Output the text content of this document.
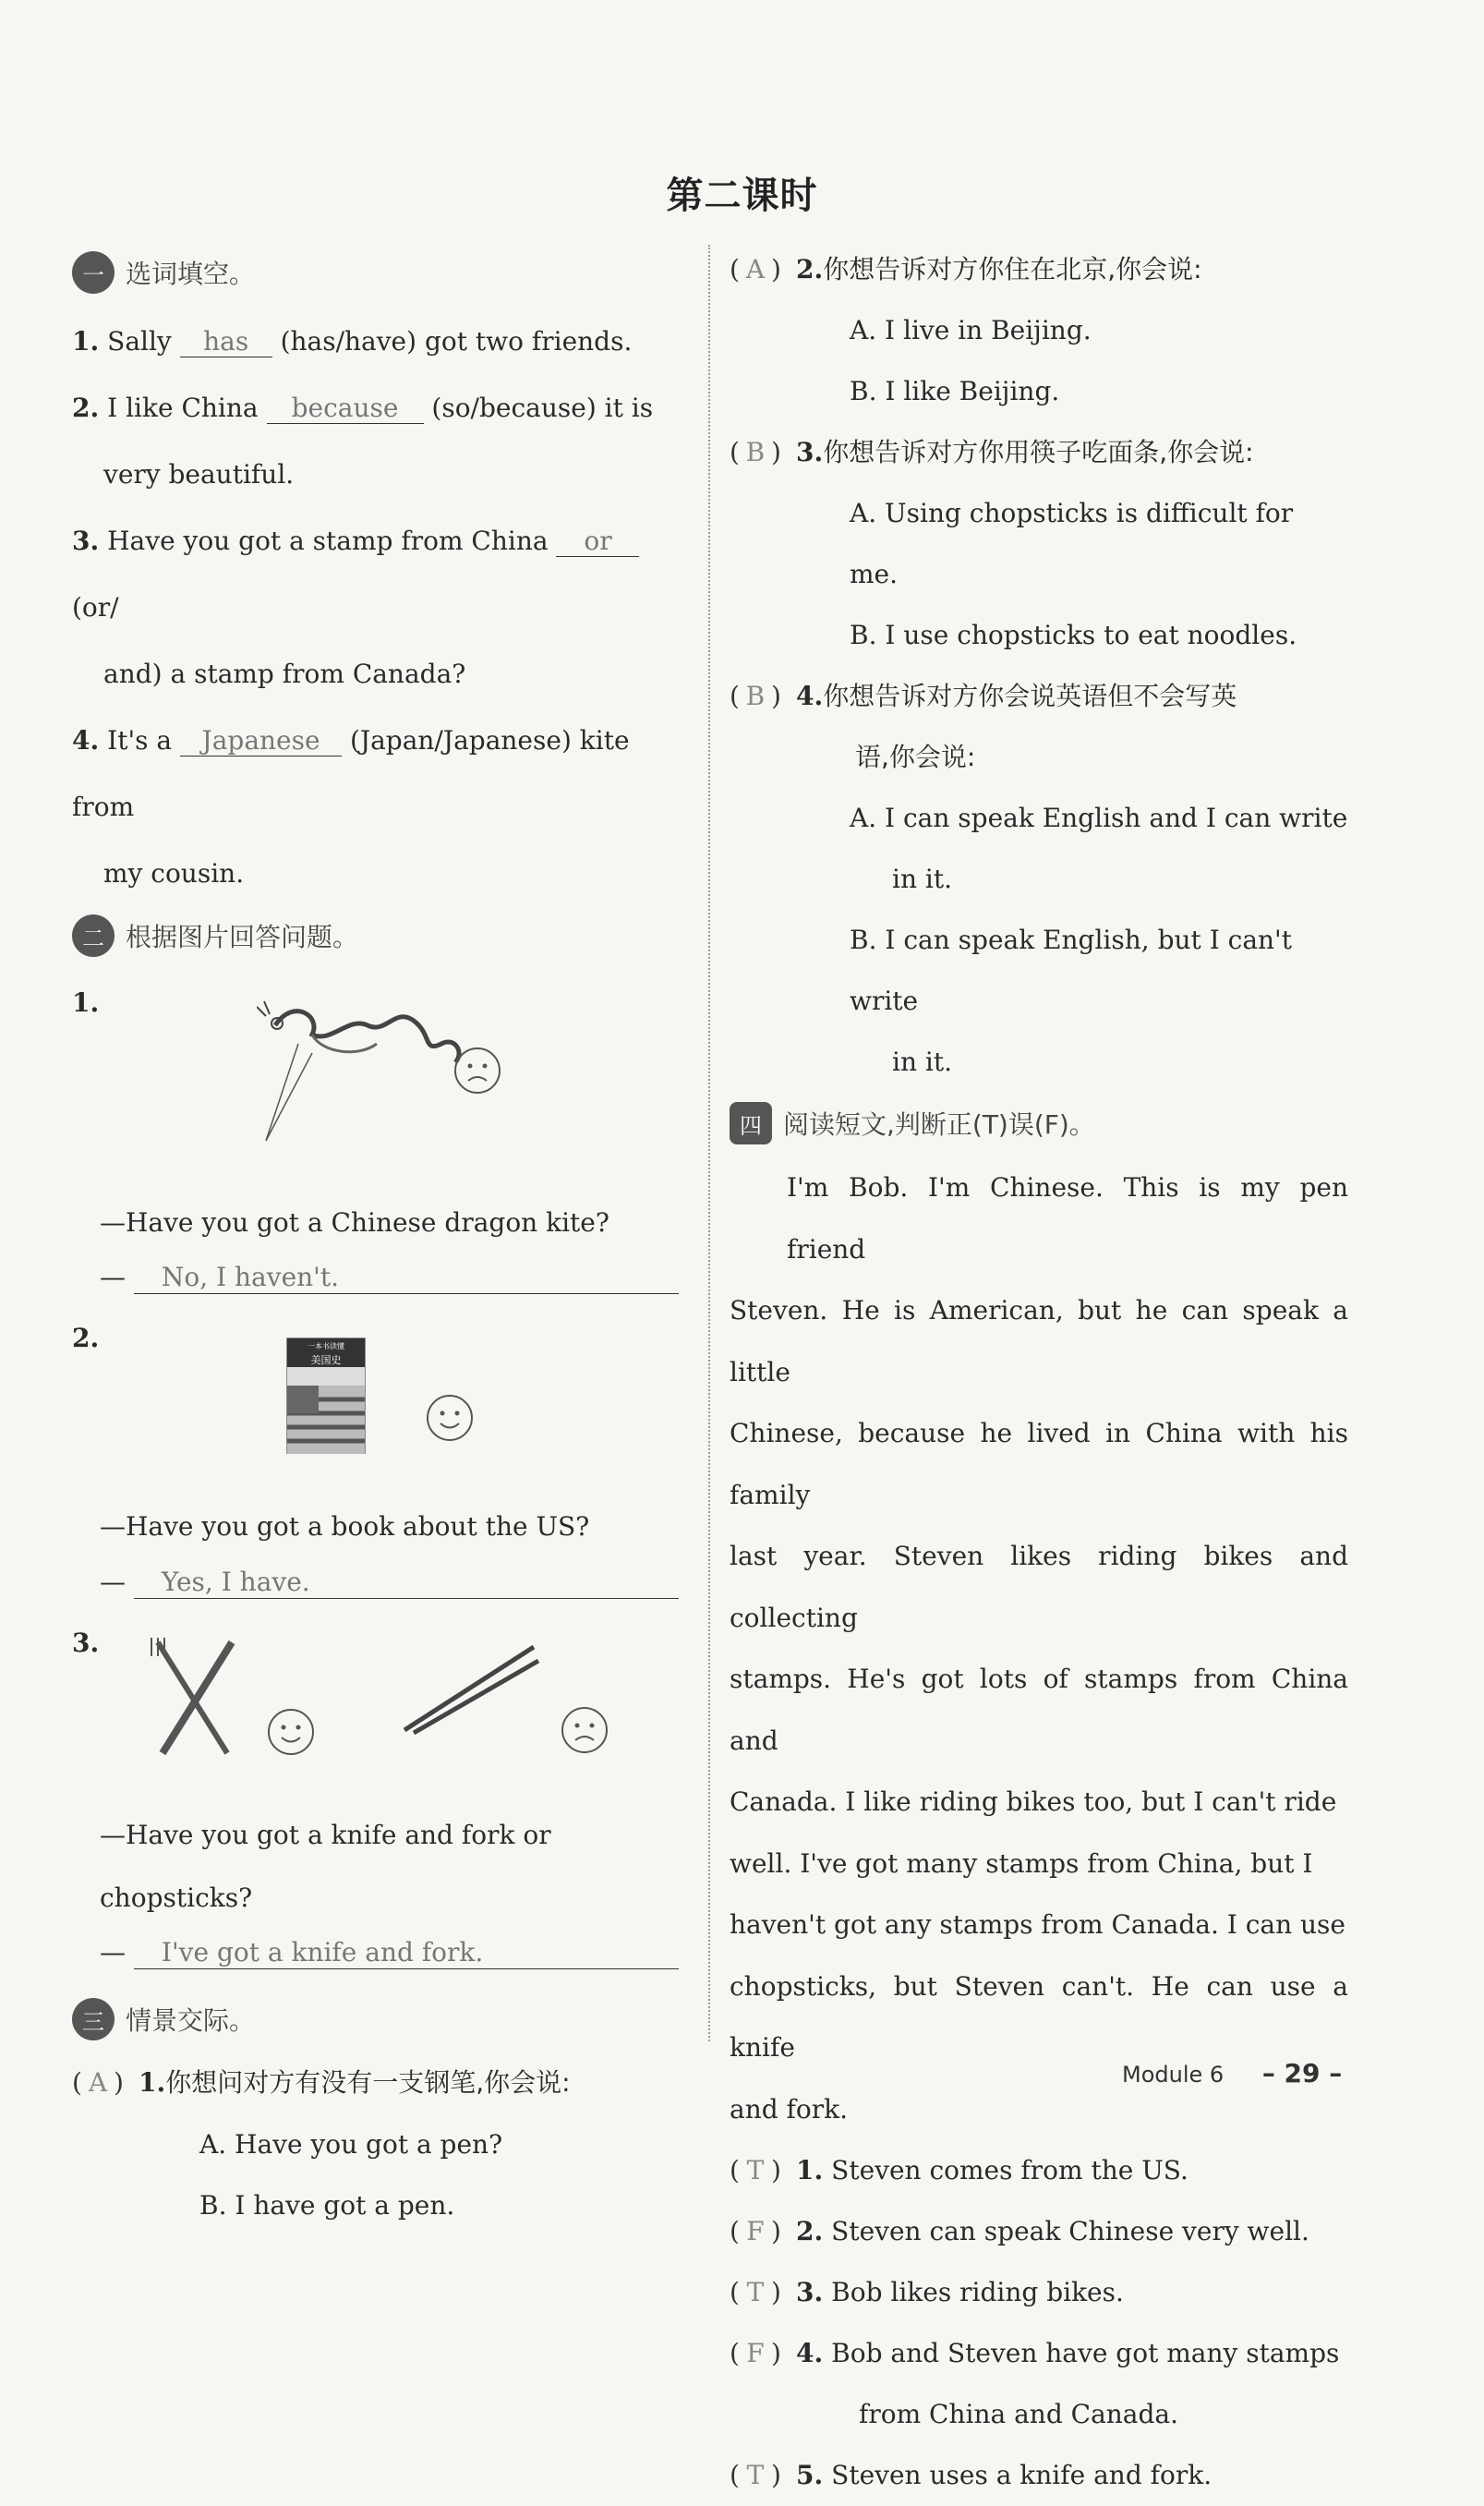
第二课时
一 选词填空。
1. Sally has (has/have) got two friends.
2. I like China because (so/because) it is
very beautiful.
3. Have you got a stamp from China or (or/
and) a stamp from Canada?
4. It's a Japanese (Japan/Japanese) kite from
my cousin.
二 根据图片回答问题。
1.
—Have you got a Chinese dragon kite?
— No, I haven't.
2.	一本书读懂
美国史
—Have you got a book about the US?
— Yes, I have.
3.
—Have you got a knife and fork or chopsticks?
— I've got a knife and fork.
三 情景交际。
( A ) 1.你想问对方有没有一支钢笔,你会说:
A. Have you got a pen?
B. I have got a pen.
( A ) 2.你想告诉对方你住在北京,你会说:
A. I live in Beijing.
B. I like Beijing.
( B ) 3.你想告诉对方你用筷子吃面条,你会说:
A. Using chopsticks is difficult for me.
B. I use chopsticks to eat noodles.
( B ) 4.你想告诉对方你会说英语但不会写英
语,你会说:
A. I can speak English and I can write
in it.
B. I can speak English, but I can't write
in it.
四 阅读短文,判断正(T)误(F)。
I'm Bob. I'm Chinese. This is my pen friend
Steven. He is American, but he can speak a little
Chinese, because he lived in China with his family
last year. Steven likes riding bikes and collecting
stamps. He's got lots of stamps from China and
Canada. I like riding bikes too, but I can't ride
well. I've got many stamps from China, but I
haven't got any stamps from Canada. I can use
chopsticks, but Steven can't. He can use a knife
and fork.
( T ) 1. Steven comes from the US.
( F ) 2. Steven can speak Chinese very well.
( T ) 3. Bob likes riding bikes.
( F ) 4. Bob and Steven have got many stamps
from China and Canada.
( T ) 5. Steven uses a knife and fork.
Module 6 – 29 –
